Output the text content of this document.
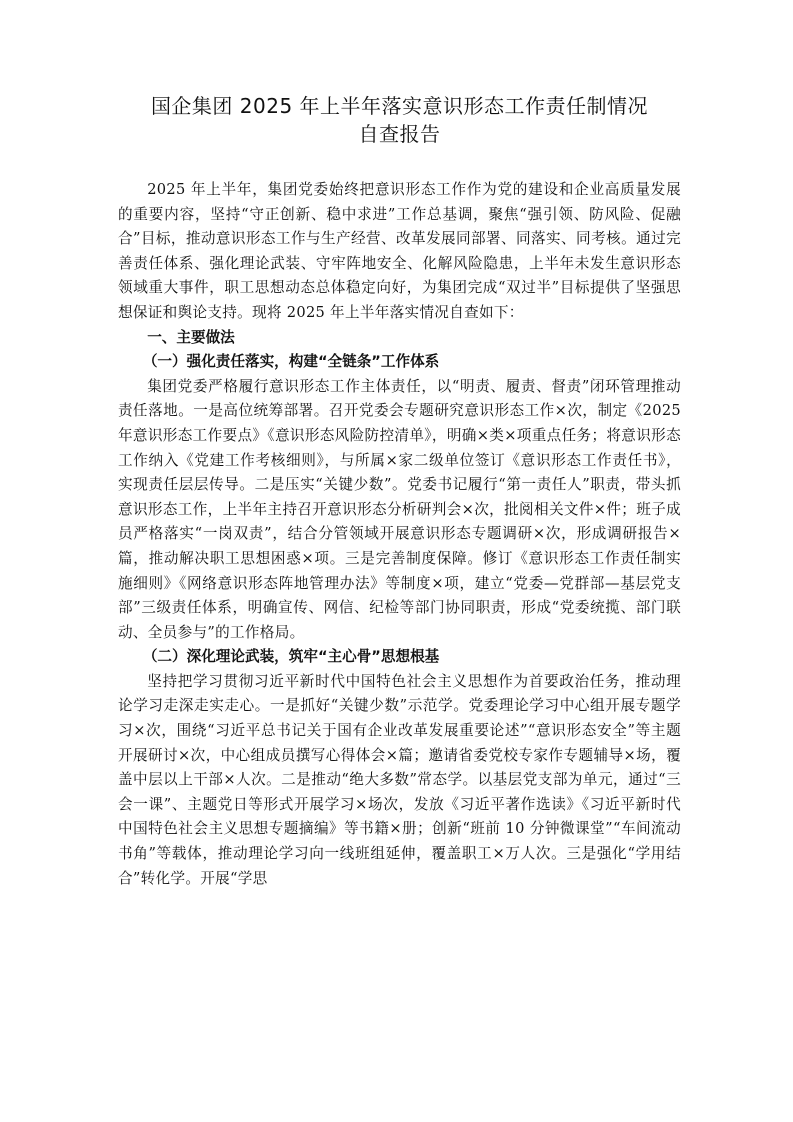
国企集团 2025 年上半年落实意识形态工作责任制情况
自查报告

2025 年上半年，集团党委始终把意识形态工作作为党的建设和企业高质量发展的重要内容，坚持“守正创新、稳中求进”工作总基调，聚焦“强引领、防风险、促融合”目标，推动意识形态工作与生产经营、改革发展同部署、同落实、同考核。通过完善责任体系、强化理论武装、守牢阵地安全、化解风险隐患，上半年未发生意识形态领域重大事件，职工思想动态总体稳定向好，为集团完成“双过半”目标提供了坚强思想保证和舆论支持。现将 2025 年上半年落实情况自查如下：

一、主要做法

（一）强化责任落实，构建“全链条”工作体系

集团党委严格履行意识形态工作主体责任，以“明责、履责、督责”闭环管理推动责任落地。一是高位统筹部署。召开党委会专题研究意识形态工作×次，制定《2025 年意识形态工作要点》《意识形态风险防控清单》，明确×类×项重点任务；将意识形态工作纳入《党建工作考核细则》，与所属×家二级单位签订《意识形态工作责任书》，实现责任层层传导。二是压实“关键少数”。党委书记履行“第一责任人”职责，带头抓意识形态工作，上半年主持召开意识形态分析研判会×次，批阅相关文件×件；班子成员严格落实“一岗双责”，结合分管领域开展意识形态专题调研×次，形成调研报告×篇，推动解决职工思想困惑×项。三是完善制度保障。修订《意识形态工作责任制实施细则》《网络意识形态阵地管理办法》等制度×项，建立“党委—党群部—基层党支部”三级责任体系，明确宣传、网信、纪检等部门协同职责，形成“党委统揽、部门联动、全员参与”的工作格局。

（二）深化理论武装，筑牢“主心骨”思想根基

坚持把学习贯彻习近平新时代中国特色社会主义思想作为首要政治任务，推动理论学习走深走实走心。一是抓好“关键少数”示范学。党委理论学习中心组开展专题学习×次，围绕“习近平总书记关于国有企业改革发展重要论述”“意识形态安全”等主题开展研讨×次，中心组成员撰写心得体会×篇；邀请省委党校专家作专题辅导×场，覆盖中层以上干部×人次。二是推动“绝大多数”常态学。以基层党支部为单元，通过“三会一课”、主题党日等形式开展学习×场次，发放《习近平著作选读》《习近平新时代中国特色社会主义思想专题摘编》等书籍×册；创新“班前 10 分钟微课堂”“车间流动书角”等载体，推动理论学习向一线班组延伸，覆盖职工×万人次。三是强化“学用结合”转化学。开展“学思
